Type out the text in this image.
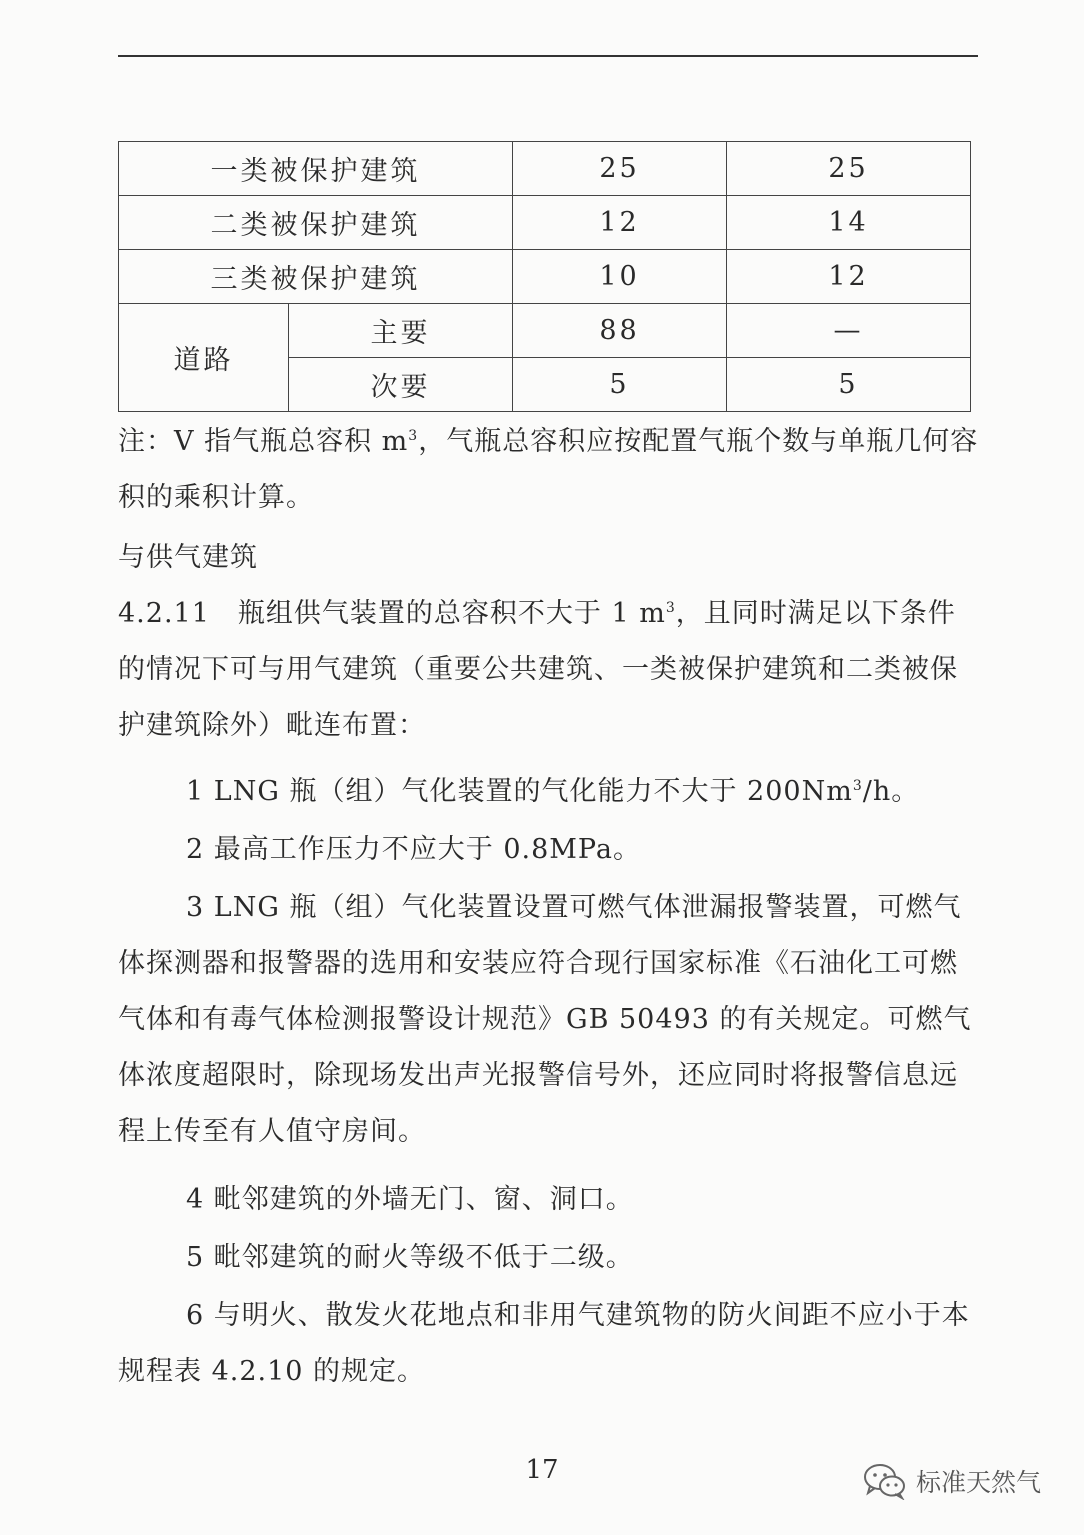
一类被保护建筑		25	25
二类被保护建筑		12	14
三类被保护建筑		10	12
道路	主要	88	—
	次要	5	5

注：V 指气瓶总容积 $m^3$，气瓶总容积应按配置气瓶个数与单瓶几何容积的乘积计算。

与供气建筑

4.2.11　瓶组供气装置的总容积不大于 1 $m^3$，且同时满足以下条件的情况下可与用气建筑（重要公共建筑、一类被保护建筑和二类被保护建筑除外）毗连布置：

1 LNG 瓶（组）气化装置的气化能力不大于 200Nm$^3$/h。

2 最高工作压力不应大于 0.8MPa。

3 LNG 瓶（组）气化装置设置可燃气体泄漏报警装置，可燃气体探测器和报警器的选用和安装应符合现行国家标准《石油化工可燃气体和有毒气体检测报警设计规范》GB 50493 的有关规定。可燃气体浓度超限时，除现场发出声光报警信号外，还应同时将报警信息远程上传至有人值守房间。

4 毗邻建筑的外墙无门、窗、洞口。

5 毗邻建筑的耐火等级不低于二级。

6 与明火、散发火花地点和非用气建筑物的防火间距不应小于本规程表 4.2.10 的规定。

17	标准天然气
